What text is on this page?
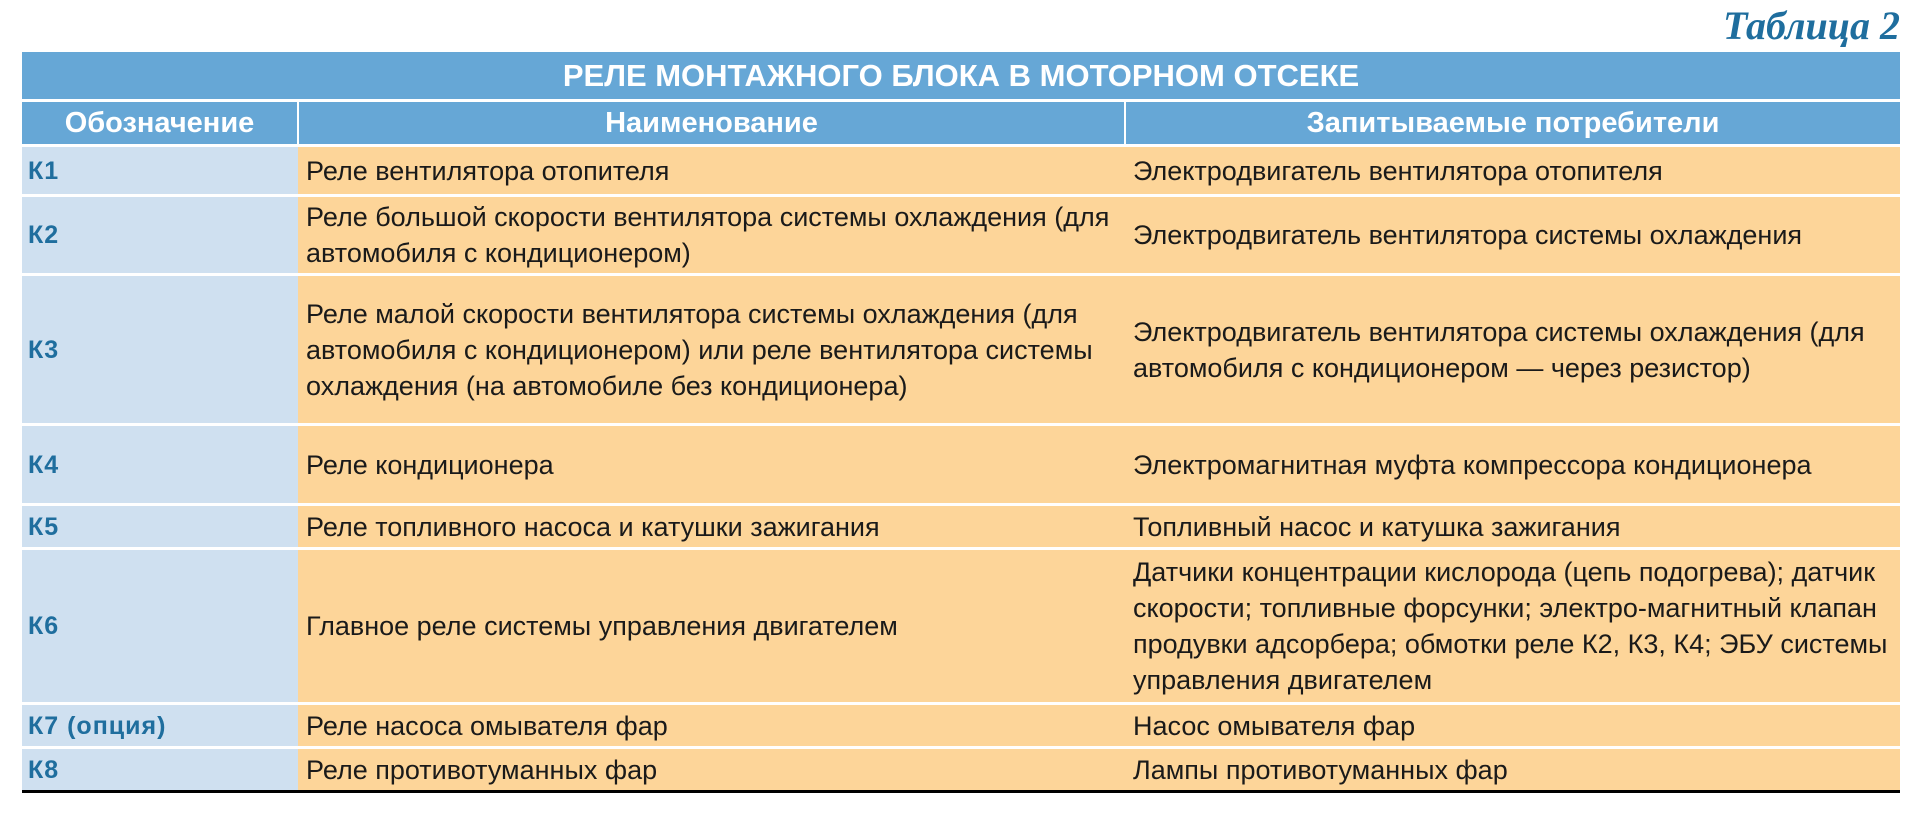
Таблица 2
РЕЛЕ МОНТАЖНОГО БЛОКА В МОТОРНОМ ОТСЕКЕ		
Обозначение	Наименование	Запитываемые потребители
К1	Реле вентилятора отопителя	Электродвигатель вентилятора отопителя
К2	Реле большой скорости вентилятора системы охлаждения (для автомобиля с кондиционером)	Электродвигатель вентилятора системы охлаждения
К3	Реле малой скорости вентилятора системы охлаждения (для автомобиля с кондиционером) или реле вентилятора системы охлаждения (на автомобиле без кондиционера)	Электродвигатель вентилятора системы охлаждения (для автомобиля с кондиционером — через резистор)
К4	Реле кондиционера	Электромагнитная муфта компрессора кондиционера
К5	Реле топливного насоса и катушки зажигания	Топливный насос и катушка зажигания
К6	Главное реле системы управления двигателем	Датчики концентрации кислорода (цепь подогрева); датчик скорости; топливные форсунки; электро-магнитный клапан продувки адсорбера; обмотки реле К2, К3, К4; ЭБУ системы управления двигателем
К7 (опция)	Реле насоса омывателя фар	Насос омывателя фар
К8	Реле противотуманных фар	Лампы противотуманных фар
